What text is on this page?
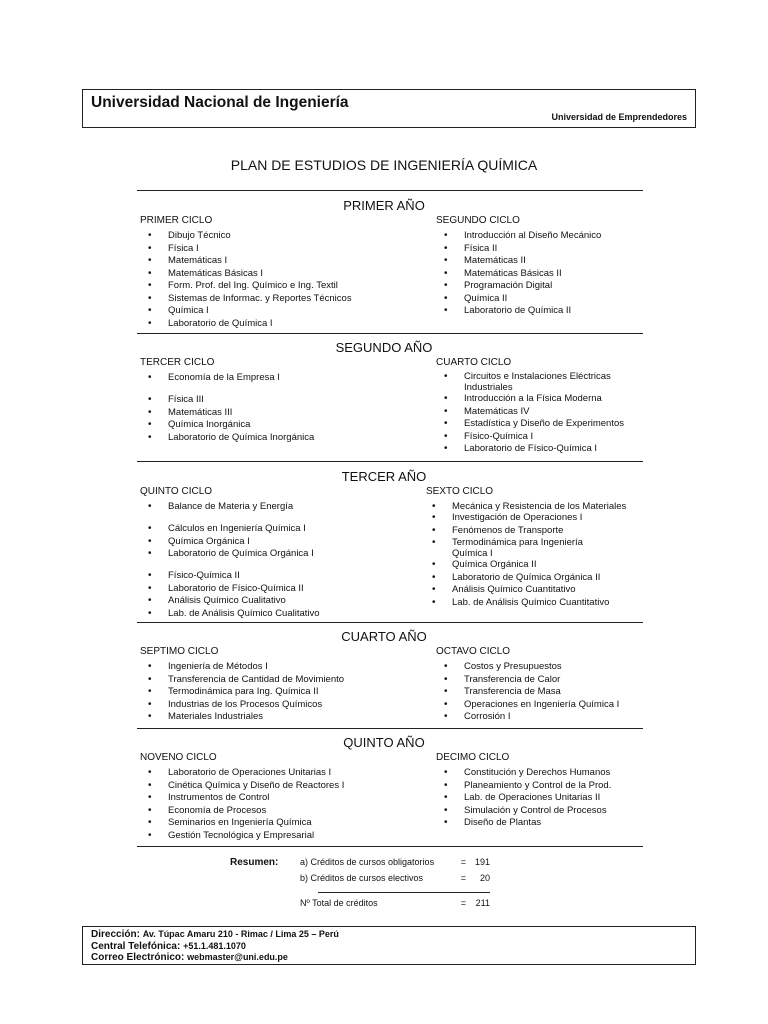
Universidad Nacional de Ingeniería
Universidad de Emprendedores
PLAN DE ESTUDIOS DE INGENIERÍA QUÍMICA
PRIMER AÑO
PRIMER CICLO	SEGUNDO CICLO
• Dibujo Técnico
• Física I
• Matemáticas I
• Matemáticas Básicas I
• Form. Prof. del Ing. Químico e Ing. Textil
• Sistemas de Informac. y Reportes Técnicos
• Química I
• Laboratorio de Química I
• Introducción al Diseño Mecánico
• Física II
• Matemáticas II
• Matemáticas Básicas II
• Programación Digital
• Química II
• Laboratorio de Química II
SEGUNDO AÑO
TERCER CICLO	CUARTO CICLO
• Economía de la Empresa I
• Física III
• Matemáticas III
• Química Inorgánica
• Laboratorio de Química Inorgánica
• Circuitos e Instalaciones Eléctricas Industriales
• Introducción a la Física Moderna
• Matemáticas IV
• Estadística y Diseño de Experimentos
• Físico-Química I
• Laboratorio de Físico-Química I
TERCER AÑO
QUINTO CICLO	SEXTO CICLO
• Balance de Materia y Energía
• Cálculos en Ingeniería Química I
• Química Orgánica I
• Laboratorio de Química Orgánica I
• Físico-Química II
• Laboratorio de Físico-Química II
• Análisis Químico Cualitativo
• Lab. de Análisis Químico Cualitativo
• Mecánica y Resistencia de los Materiales
• Investigación de Operaciones I
• Fenómenos de Transporte
• Termodinámica para Ingeniería Química I
• Química Orgánica II
• Laboratorio de Química Orgánica II
• Análisis Químico Cuantitativo
• Lab. de Análisis Químico Cuantitativo
CUARTO AÑO
SEPTIMO CICLO	OCTAVO CICLO
• Ingeniería de Métodos I
• Transferencia de Cantidad de Movimiento
• Termodinámica para Ing. Química II
• Industrias de los Procesos Químicos
• Materiales Industriales
• Costos y Presupuestos
• Transferencia de Calor
• Transferencia de Masa
• Operaciones en Ingeniería Química I
• Corrosión I
QUINTO AÑO
NOVENO CICLO	DECIMO CICLO
• Laboratorio de Operaciones Unitarias I
• Cinética Química y Diseño de Reactores I
• Instrumentos de Control
• Economía de Procesos
• Seminarios en Ingeniería Química
• Gestión Tecnológica y Empresarial
• Constitución y Derechos Humanos
• Planeamiento y Control de la Prod.
• Lab. de Operaciones Unitarias II
• Simulación y Control de Procesos
• Diseño de Plantas
Resumen: a) Créditos de cursos obligatorios	= 191
b) Créditos de cursos electivos	= 20
Nº Total de créditos	= 211
Dirección: Av. Túpac Amaru 210 - Rimac / Lima 25 – Perú
Central Telefónica: +51.1.481.1070
Correo Electrónico: webmaster@uni.edu.pe
